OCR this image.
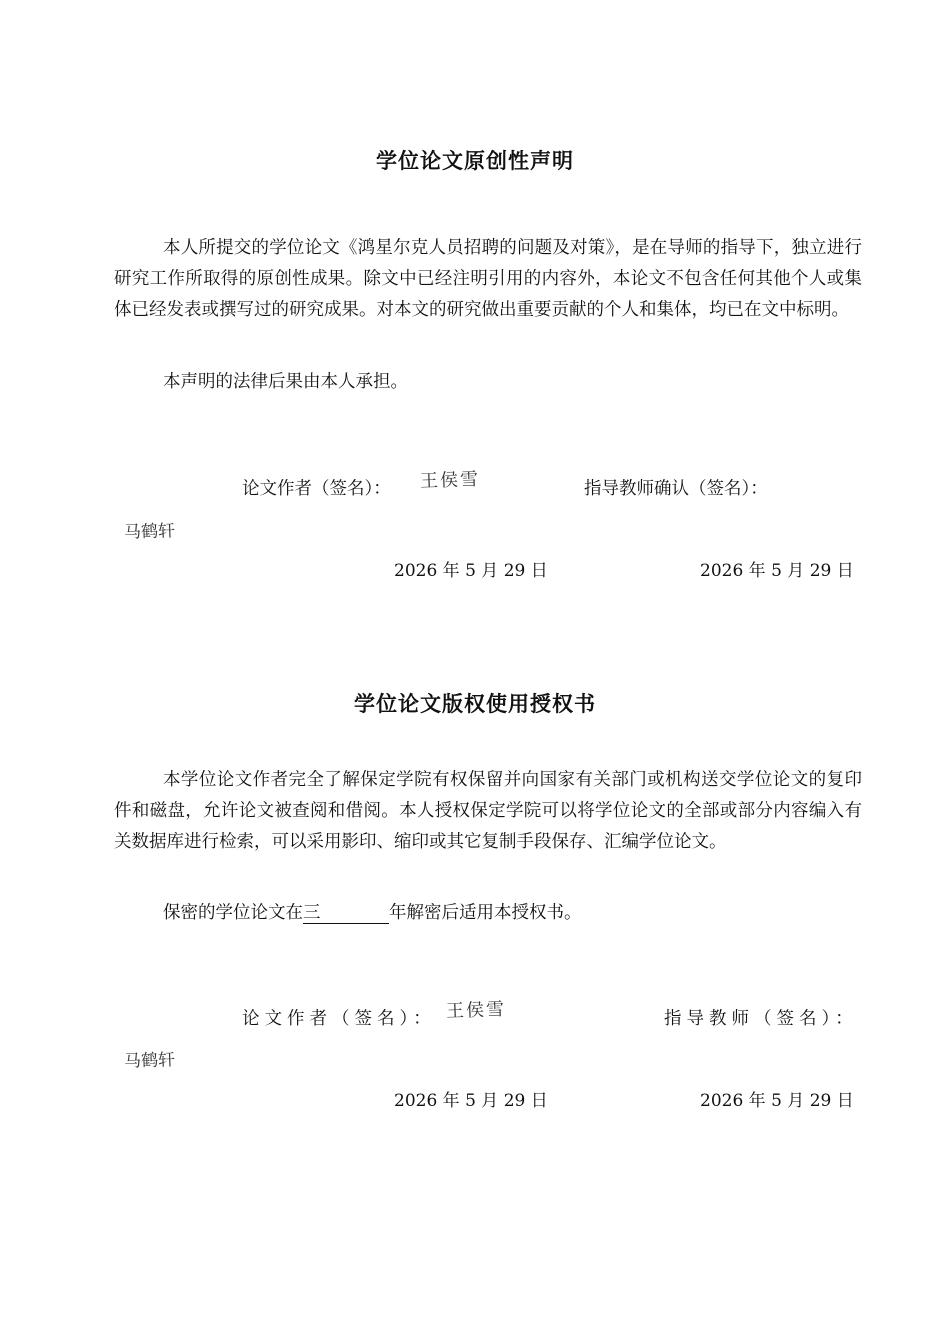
学位论文原创性声明

本人所提交的学位论文《鸿星尔克人员招聘的问题及对策》，是在导师的指导下，独立进行研究工作所取得的原创性成果。除文中已经注明引用的内容外，本论文不包含任何其他个人或集体已经发表或撰写过的研究成果。对本文的研究做出重要贡献的个人和集体，均已在文中标明。

本声明的法律后果由本人承担。

论文作者（签名）： 王侯雪	指导教师确认（签名）：

马鹤轩
2026 年 5 月 29 日	2026 年 5 月 29 日
学位论文版权使用授权书

本学位论文作者完全了解保定学院有权保留并向国家有关部门或机构送交学位论文的复印件和磁盘，允许论文被查阅和借阅。本人授权保定学院可以将学位论文的全部或部分内容编入有关数据库进行检索，可以采用影印、缩印或其它复制手段保存、汇编学位论文。

保密的学位论文在三	年解密后适用本授权书。

论文作者（签名）： 王侯雪	指导教师（签名）：

马鹤轩
2026 年 5 月 29 日	2026 年 5 月 29 日
